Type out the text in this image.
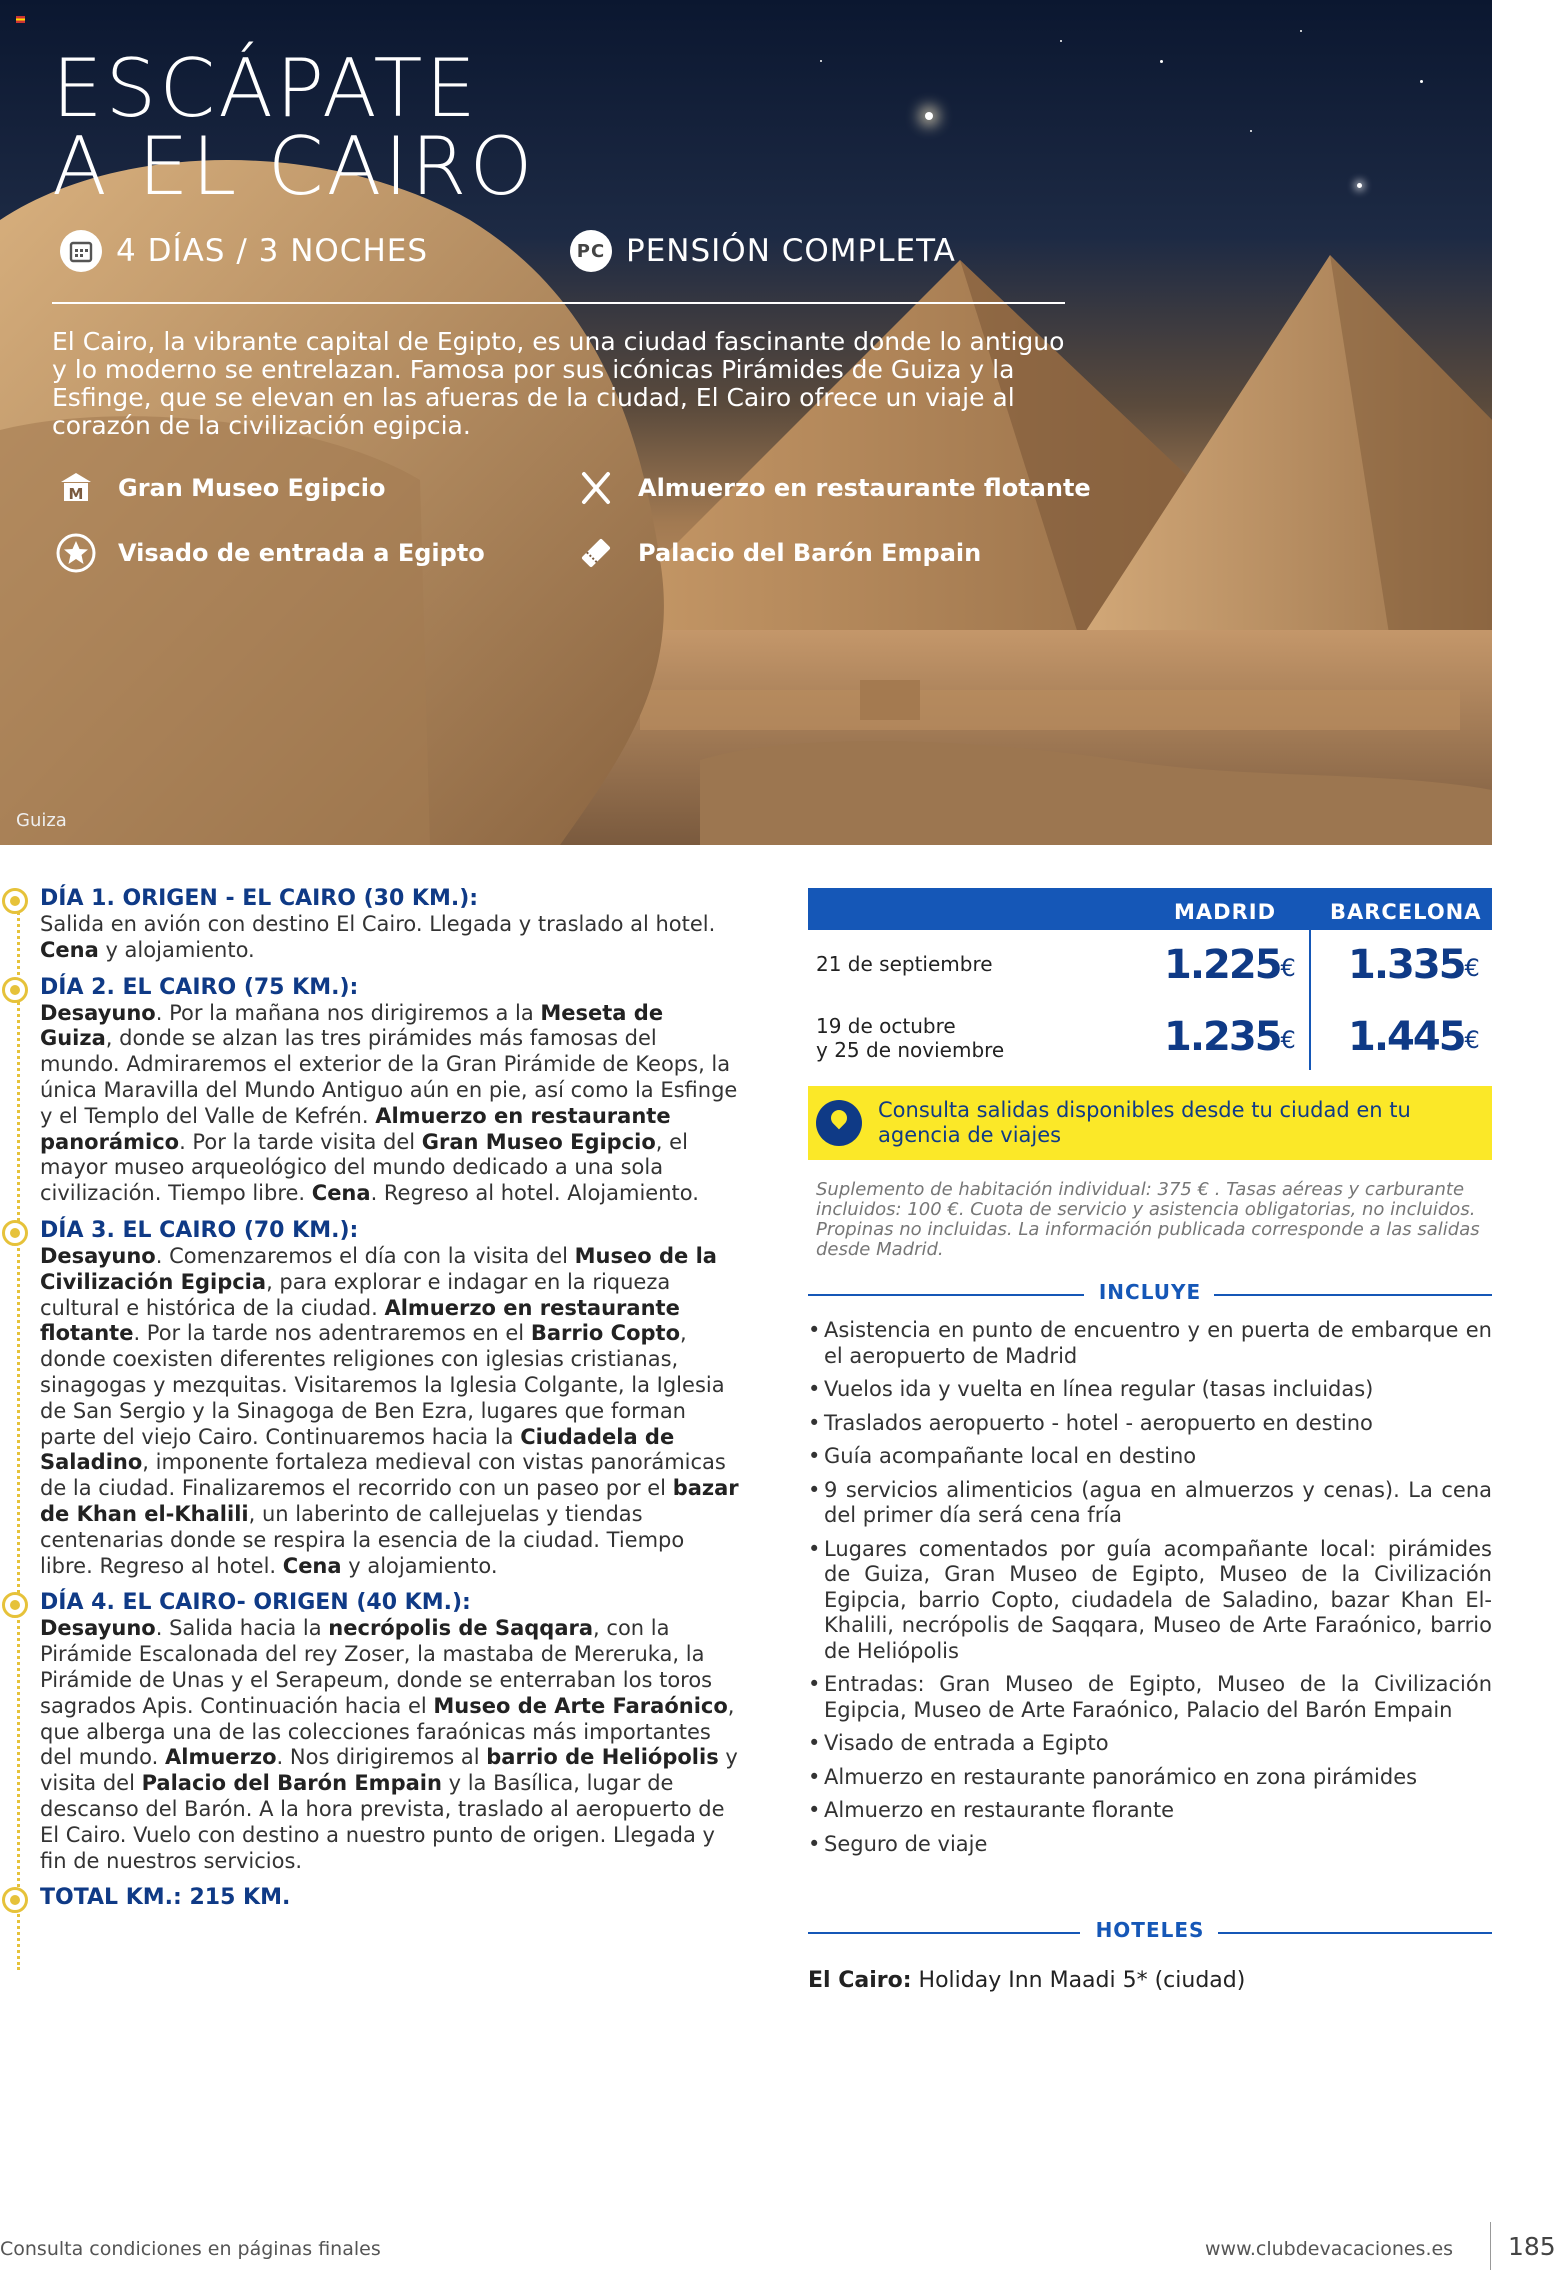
ESCÁPATE
A EL CAIRO
4 DÍAS / 3 NOCHES	PC PENSIÓN COMPLETA
El Cairo, la vibrante capital de Egipto, es una ciudad fascinante donde lo antiguo y lo moderno se entrelazan. Famosa por sus icónicas Pirámides de Guiza y la Esfinge, que se elevan en las afueras de la ciudad, El Cairo ofrece un viaje al corazón de la civilización egipcia.
M Gran Museo Egipcio	Almuerzo en restaurante flotante
Visado de entrada a Egipto	Palacio del Barón Empain
Guiza
DÍA 1. ORIGEN - EL CAIRO (30 KM.):
Salida en avión con destino El Cairo. Llegada y traslado al hotel. Cena y alojamiento.
DÍA 2. EL CAIRO (75 KM.):
Desayuno. Por la mañana nos dirigiremos a la Meseta de Guiza, donde se alzan las tres pirámides más famosas del mundo. Admiraremos el exterior de la Gran Pirámide de Keops, la única Maravilla del Mundo Antiguo aún en pie, así como la Esfinge y el Templo del Valle de Kefrén. Almuerzo en restaurante panorámico. Por la tarde visita del Gran Museo Egipcio, el mayor museo arqueológico del mundo dedicado a una sola civilización. Tiempo libre. Cena. Regreso al hotel. Alojamiento.
DÍA 3. EL CAIRO (70 KM.):
Desayuno. Comenzaremos el día con la visita del Museo de la Civilización Egipcia, para explorar e indagar en la riqueza cultural e histórica de la ciudad. Almuerzo en restaurante flotante. Por la tarde nos adentraremos en el Barrio Copto, donde coexisten diferentes religiones con iglesias cristianas, sinagogas y mezquitas. Visitaremos la Iglesia Colgante, la Iglesia de San Sergio y la Sinagoga de Ben Ezra, lugares que forman parte del viejo Cairo. Continuaremos hacia la Ciudadela de Saladino, imponente fortaleza medieval con vistas panorámicas de la ciudad. Finalizaremos el recorrido con un paseo por el bazar de Khan el-Khalili, un laberinto de callejuelas y tiendas centenarias donde se respira la esencia de la ciudad. Tiempo libre. Regreso al hotel. Cena y alojamiento.
DÍA 4. EL CAIRO- ORIGEN (40 KM.):
Desayuno. Salida hacia la necrópolis de Saqqara, con la Pirámide Escalonada del rey Zoser, la mastaba de Mereruka, la Pirámide de Unas y el Serapeum, donde se enterraban los toros sagrados Apis. Continuación hacia el Museo de Arte Faraónico, que alberga una de las colecciones faraónicas más importantes del mundo. Almuerzo. Nos dirigiremos al barrio de Heliópolis y visita del Palacio del Barón Empain y la Basílica, lugar de descanso del Barón. A la hora prevista, traslado al aeropuerto de El Cairo. Vuelo con destino a nuestro punto de origen. Llegada y fin de nuestros servicios.
TOTAL KM.: 215 KM.
MADRID	BARCELONA
21 de septiembre	1.225€ 1.335€
19 de octubre
y 25 de noviembre	1.235€ 1.445€
Consulta salidas disponibles desde tu ciudad en tu agencia de viajes
Suplemento de habitación individual: 375 € . Tasas aéreas y carburante incluidos: 100 €. Cuota de servicio y asistencia obligatorias, no incluidos. Propinas no incluidas. La información publicada corresponde a las salidas desde Madrid.
INCLUYE
• Asistencia en punto de encuentro y en puerta de embarque en el aeropuerto de Madrid
• Vuelos ida y vuelta en línea regular (tasas incluidas)
• Traslados aeropuerto - hotel - aeropuerto en destino
• Guía acompañante local en destino
• 9 servicios alimenticios (agua en almuerzos y cenas). La cena del primer día será cena fría
• Lugares comentados por guía acompañante local: pirámides de Guiza, Gran Museo de Egipto, Museo de la Civilización Egipcia, barrio Copto, ciudadela de Saladino, bazar Khan El-Khalili, necrópolis de Saqqara, Museo de Arte Faraónico, barrio de Heliópolis
• Entradas: Gran Museo de Egipto, Museo de la Civilización Egipcia, Museo de Arte Faraónico, Palacio del Barón Empain
• Visado de entrada a Egipto
• Almuerzo en restaurante panorámico en zona pirámides
• Almuerzo en restaurante florante
• Seguro de viaje
HOTELES
El Cairo: Holiday Inn Maadi 5* (ciudad)
Consulta condiciones en páginas finales	www.clubdevacaciones.es 185
